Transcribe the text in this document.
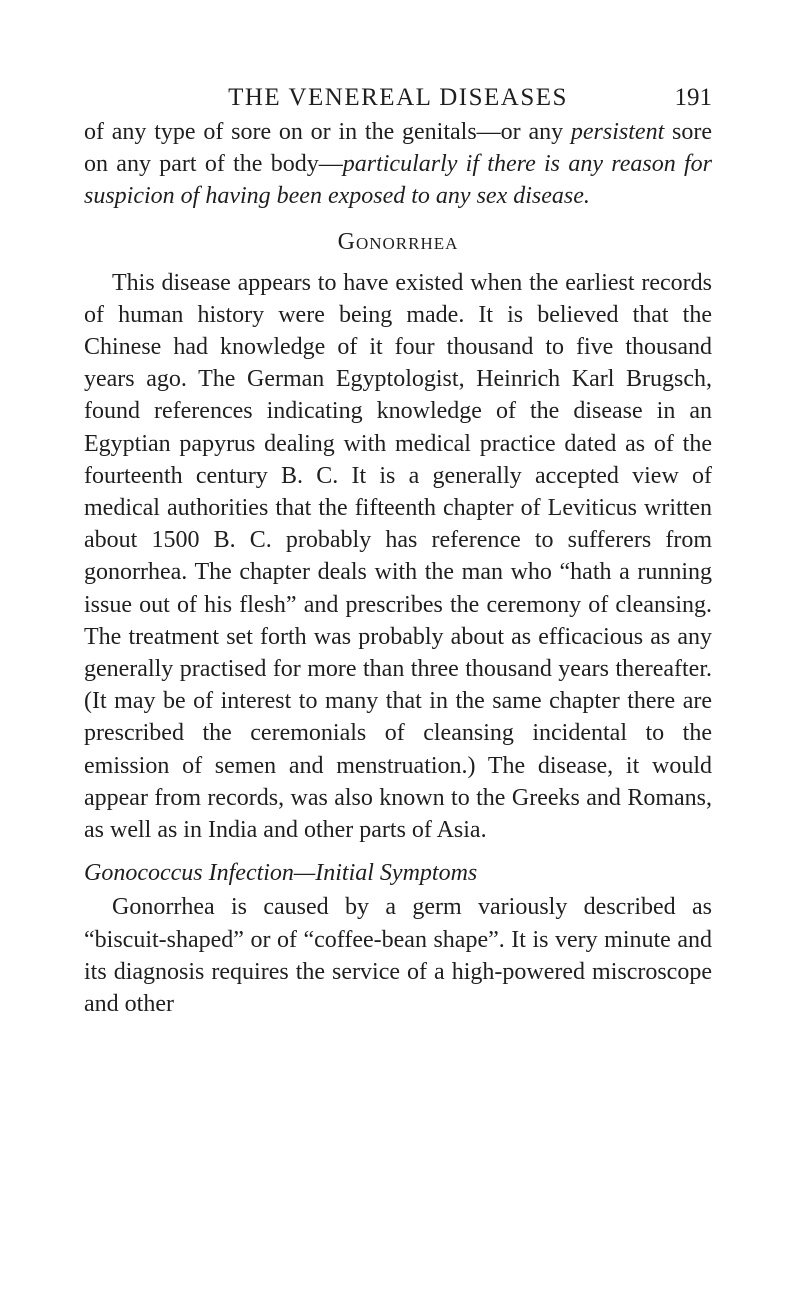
THE VENEREAL DISEASES	191

of any type of sore on or in the genitals—or any persistent sore on any part of the body—particularly if there is any reason for suspicion of having been exposed to any sex disease.

Gonorrhea

This disease appears to have existed when the earliest records of human history were being made. It is believed that the Chinese had knowledge of it four thousand to five thousand years ago. The German Egyptologist, Heinrich Karl Brugsch, found references indicating knowledge of the disease in an Egyptian papyrus dealing with medical practice dated as of the fourteenth century B. C. It is a generally accepted view of medical authorities that the fifteenth chapter of Leviticus written about 1500 B. C. probably has reference to sufferers from gonorrhea. The chapter deals with the man who “hath a running issue out of his flesh” and prescribes the ceremony of cleansing. The treatment set forth was probably about as efficacious as any generally practised for more than three thousand years thereafter. (It may be of interest to many that in the same chapter there are prescribed the ceremonials of cleansing incidental to the emission of semen and menstruation.) The disease, it would appear from records, was also known to the Greeks and Romans, as well as in India and other parts of Asia.

Gonococcus Infection—Initial Symptoms

Gonorrhea is caused by a germ variously described as “biscuit-shaped” or of “coffee-bean shape”. It is very minute and its diagnosis requires the service of a high-powered miscroscope and other
